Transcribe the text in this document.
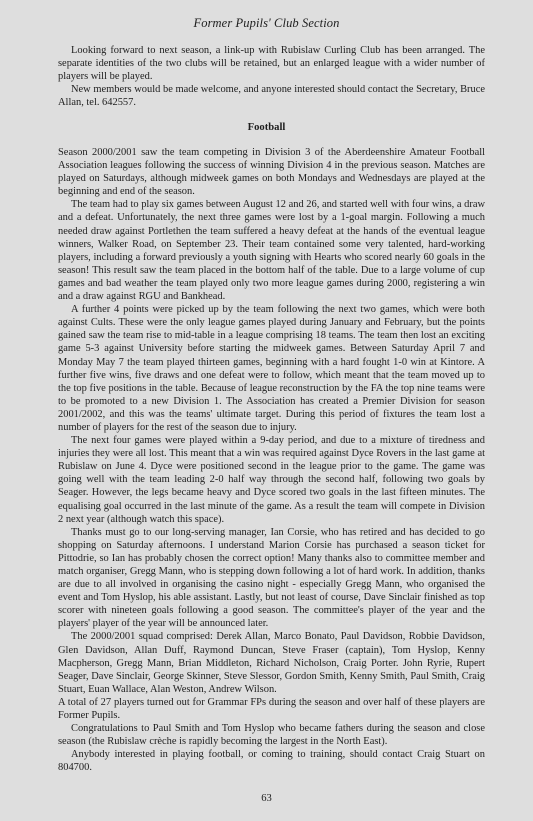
Former Pupils' Club Section

Looking forward to next season, a link-up with Rubislaw Curling Club has been arranged. The separate identities of the two clubs will be retained, but an enlarged league with a wider number of players will be played.

New members would be made welcome, and anyone interested should contact the Secretary, Bruce Allan, tel. 642557.

Football

Season 2000/2001 saw the team competing in Division 3 of the Aberdeenshire Amateur Football Association leagues following the success of winning Division 4 in the previous season. Matches are played on Saturdays, although midweek games on both Mondays and Wednesdays are played at the beginning and end of the season.

The team had to play six games between August 12 and 26, and started well with four wins, a draw and a defeat. Unfortunately, the next three games were lost by a 1-goal margin. Following a much needed draw against Portlethen the team suffered a heavy defeat at the hands of the eventual league winners, Walker Road, on September 23. Their team contained some very talented, hard-working players, including a forward previously a youth signing with Hearts who scored nearly 60 goals in the season! This result saw the team placed in the bottom half of the table. Due to a large volume of cup games and bad weather the team played only two more league games during 2000, registering a win and a draw against RGU and Bankhead.

A further 4 points were picked up by the team following the next two games, which were both against Cults. These were the only league games played during January and February, but the points gained saw the team rise to mid-table in a league comprising 18 teams. The team then lost an exciting game 5-3 against University before starting the midweek games. Between Saturday April 7 and Monday May 7 the team played thirteen games, beginning with a hard fought 1-0 win at Kintore. A further five wins, five draws and one defeat were to follow, which meant that the team moved up to the top five positions in the table. Because of league reconstruction by the FA the top nine teams were to be promoted to a new Division 1. The Association has created a Premier Division for season 2001/2002, and this was the teams' ultimate target. During this period of fixtures the team lost a number of players for the rest of the season due to injury.

The next four games were played within a 9-day period, and due to a mixture of tiredness and injuries they were all lost. This meant that a win was required against Dyce Rovers in the last game at Rubislaw on June 4. Dyce were positioned second in the league prior to the game. The game was going well with the team leading 2-0 half way through the second half, following two goals by Seager. However, the legs became heavy and Dyce scored two goals in the last fifteen minutes. The equalising goal occurred in the last minute of the game. As a result the team will compete in Division 2 next year (although watch this space).

Thanks must go to our long-serving manager, Ian Corsie, who has retired and has decided to go shopping on Saturday afternoons. I understand Marion Corsie has purchased a season ticket for Pittodrie, so Ian has probably chosen the correct option! Many thanks also to committee member and match organiser, Gregg Mann, who is stepping down following a lot of hard work. In addition, thanks are due to all involved in organising the casino night - especially Gregg Mann, who organised the event and Tom Hyslop, his able assistant. Lastly, but not least of course, Dave Sinclair finished as top scorer with nineteen goals following a good season. The committee's player of the year and the players' player of the year will be announced later.

The 2000/2001 squad comprised: Derek Allan, Marco Bonato, Paul Davidson, Robbie Davidson, Glen Davidson, Allan Duff, Raymond Duncan, Steve Fraser (captain), Tom Hyslop, Kenny Macpherson, Gregg Mann, Brian Middleton, Richard Nicholson, Craig Porter. John Ryrie, Rupert Seager, Dave Sinclair, George Skinner, Steve Slessor, Gordon Smith, Kenny Smith, Paul Smith, Craig Stuart, Euan Wallace, Alan Weston, Andrew Wilson.

A total of 27 players turned out for Grammar FPs during the season and over half of these players are Former Pupils.

Congratulations to Paul Smith and Tom Hyslop who became fathers during the season and close season (the Rubislaw crèche is rapidly becoming the largest in the North East).

Anybody interested in playing football, or coming to training, should contact Craig Stuart on 804700.

63
